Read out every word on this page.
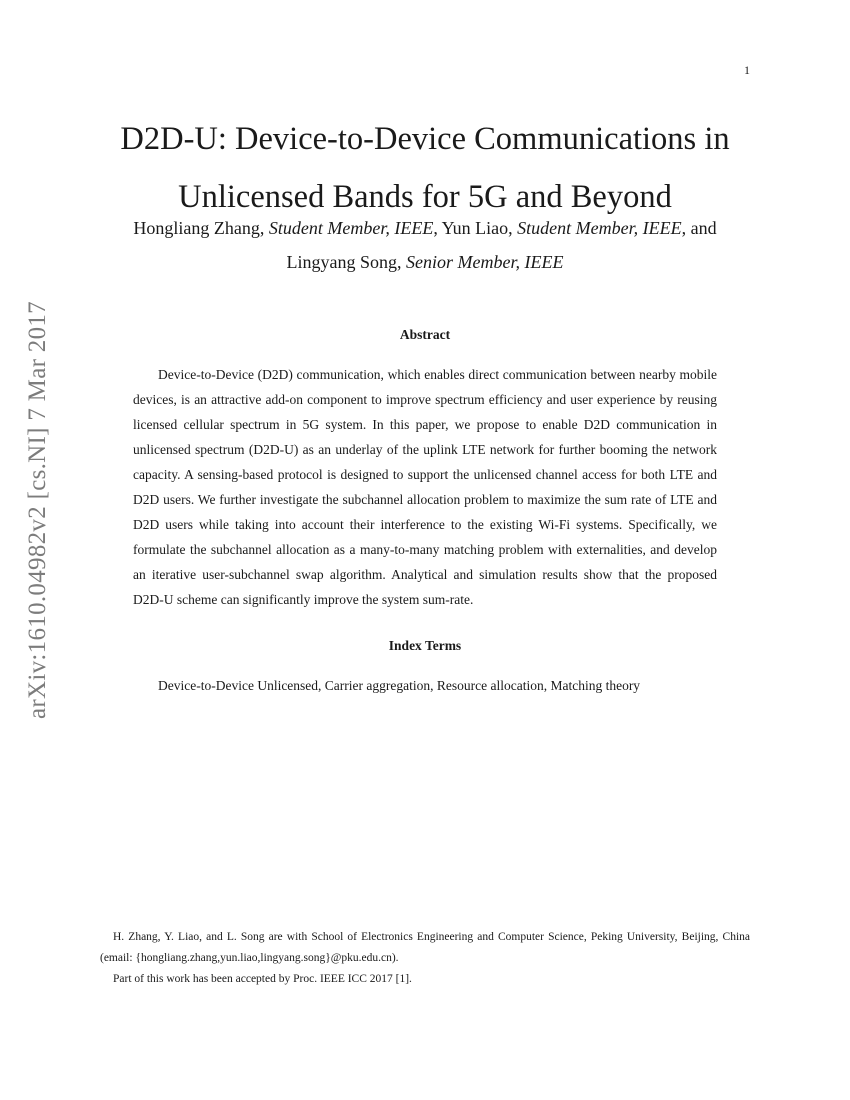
1
arXiv:1610.04982v2 [cs.NI] 7 Mar 2017
D2D-U: Device-to-Device Communications in Unlicensed Bands for 5G and Beyond
Hongliang Zhang, Student Member, IEEE, Yun Liao, Student Member, IEEE, and
Lingyang Song, Senior Member, IEEE
Abstract

Device-to-Device (D2D) communication, which enables direct communication between nearby mobile devices, is an attractive add-on component to improve spectrum efficiency and user experience by reusing licensed cellular spectrum in 5G system. In this paper, we propose to enable D2D communication in unlicensed spectrum (D2D-U) as an underlay of the uplink LTE network for further booming the network capacity. A sensing-based protocol is designed to support the unlicensed channel access for both LTE and D2D users. We further investigate the subchannel allocation problem to maximize the sum rate of LTE and D2D users while taking into account their interference to the existing Wi-Fi systems. Specifically, we formulate the subchannel allocation as a many-to-many matching problem with externalities, and develop an iterative user-subchannel swap algorithm. Analytical and simulation results show that the proposed D2D-U scheme can significantly improve the system sum-rate.

Index Terms
Device-to-Device Unlicensed, Carrier aggregation, Resource allocation, Matching theory

H. Zhang, Y. Liao, and L. Song are with School of Electronics Engineering and Computer Science, Peking University, Beijing, China (email: {hongliang.zhang,yun.liao,lingyang.song}@pku.edu.cn).

Part of this work has been accepted by Proc. IEEE ICC 2017 [1].
